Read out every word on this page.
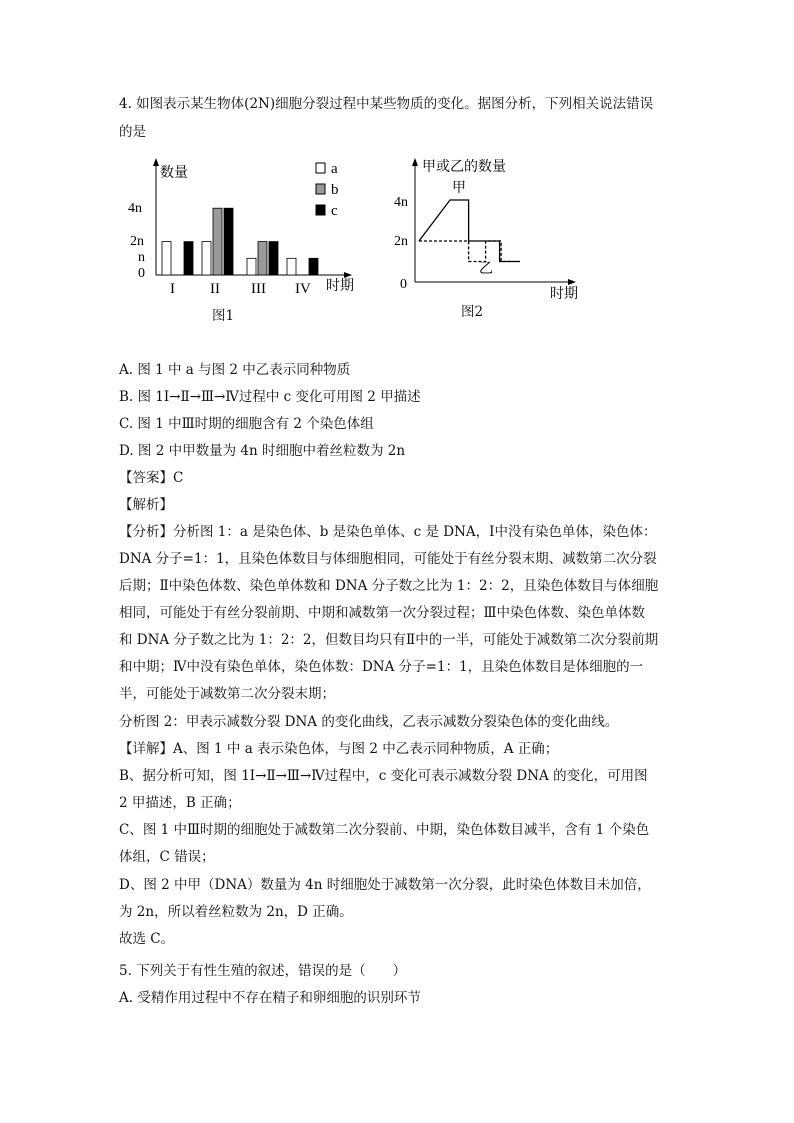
4. 如图表示某生物体(2N)细胞分裂过程中某些物质的变化。据图分析，下列相关说法错误
的是
数量
时期
4n
2n
n
0
I II III IV
a
b
c
图1
甲或乙的数量
时期
4n
2n
0
甲
乙
图2
A. 图 1 中 a 与图 2 中乙表示同种物质
B. 图 1Ⅰ→Ⅱ→Ⅲ→Ⅳ过程中 c 变化可用图 2 甲描述
C. 图 1 中Ⅲ时期的细胞含有 2 个染色体组
D. 图 2 中甲数量为 4n 时细胞中着丝粒数为 2n
【答案】C
【解析】
【分析】分析图 1：a 是染色体、b 是染色单体、c 是 DNA，Ⅰ中没有染色单体，染色体：
DNA 分子=1：1，且染色体数目与体细胞相同，可能处于有丝分裂末期、减数第二次分裂
后期；Ⅱ中染色体数、染色单体数和 DNA 分子数之比为 1：2：2，且染色体数目与体细胞
相同，可能处于有丝分裂前期、中期和减数第一次分裂过程；Ⅲ中染色体数、染色单体数
和 DNA 分子数之比为 1：2：2，但数目均只有Ⅱ中的一半，可能处于减数第二次分裂前期
和中期；Ⅳ中没有染色单体，染色体数：DNA 分子=1：1，且染色体数目是体细胞的一
半，可能处于减数第二次分裂末期；
分析图 2：甲表示减数分裂 DNA 的变化曲线，乙表示减数分裂染色体的变化曲线。
【详解】A、图 1 中 a 表示染色体，与图 2 中乙表示同种物质，A 正确；
B、据分析可知，图 1Ⅰ→Ⅱ→Ⅲ→Ⅳ过程中，c 变化可表示减数分裂 DNA 的变化，可用图
2 甲描述，B 正确；
C、图 1 中Ⅲ时期的细胞处于减数第二次分裂前、中期，染色体数目减半，含有 1 个染色
体组，C 错误；
D、图 2 中甲（DNA）数量为 4n 时细胞处于减数第一次分裂，此时染色体数目未加倍，
为 2n，所以着丝粒数为 2n，D 正确。
故选 C。
5. 下列关于有性生殖的叙述，错误的是（　　）
A. 受精作用过程中不存在精子和卵细胞的识别环节
